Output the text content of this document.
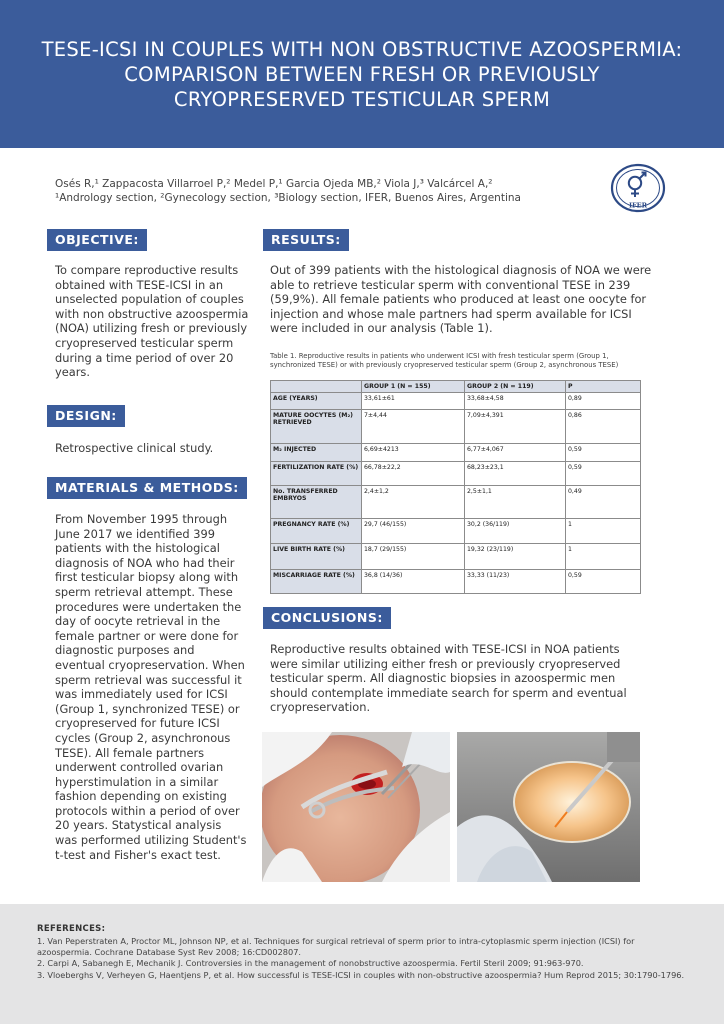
TESE-ICSI IN COUPLES WITH NON OBSTRUCTIVE AZOOSPERMIA: COMPARISON BETWEEN FRESH OR PREVIOUSLY CRYOPRESERVED TESTICULAR SPERM
Osés R,¹ Zappacosta Villarroel P,² Medel P,¹ Garcia Ojeda MB,² Viola J,³ Valcárcel A,²
¹Andrology section, ²Gynecology section, ³Biology section, IFER, Buenos Aires, Argentina
IFER
OBJECTIVE:
To compare reproductive results obtained with TESE-ICSI in an unselected population of couples with non obstructive azoospermia (NOA) utilizing fresh or previously cryopreserved testicular sperm during a time period of over 20 years.
DESIGN:
Retrospective clinical study.
MATERIALS & METHODS:
From November 1995 through June 2017 we identified 399 patients with the histological diagnosis of NOA who had their first testicular biopsy along with sperm retrieval attempt. These procedures were undertaken the day of oocyte retrieval in the female partner or were done for diagnostic purposes and eventual cryopreservation. When sperm retrieval was successful it was immediately used for ICSI (Group 1, synchronized TESE) or cryopreserved for future ICSI cycles (Group 2, asynchronous TESE). All female partners underwent controlled ovarian hyperstimulation in a similar fashion depending on existing protocols within a period of over 20 years. Statystical analysis was performed utilizing Student's t-test and Fisher's exact test.
RESULTS:
Out of 399 patients with the histological diagnosis of NOA we were able to retrieve testicular sperm with conventional TESE in 239 (59,9%). All female patients who produced at least one oocyte for injection and whose male partners had sperm available for ICSI were included in our analysis (Table 1).
Table 1. Reproductive results in patients who underwent ICSI with fresh testicular sperm (Group 1, synchronized TESE) or with previously cryopreserved testicular sperm (Group 2, asynchronous TESE)
	GROUP 1 (N = 155)	GROUP 2 (N = 119)	P
AGE (YEARS)	33,61±61	33,68±4,58	0,89
MATURE OOCYTES (M₂) RETRIEVED	7±4,44	7,09±4,391	0,86
M₂ INJECTED	6,69±4213	6,77±4,067	0,59
FERTILIZATION RATE (%)	66,78±22,2	68,23±23,1	0,59
No. TRANSFERRED EMBRYOS	2,4±1,2	2,5±1,1	0,49
PREGNANCY RATE (%)	29,7 (46/155)	30,2 (36/119)	1
LIVE BIRTH RATE (%)	18,7 (29/155)	19,32 (23/119)	1
MISCARRIAGE RATE (%)	36,8 (14/36)	33,33 (11/23)	0,59
CONCLUSIONS:
Reproductive results obtained with TESE-ICSI in NOA patients were similar utilizing either fresh or previously cryopreserved testicular sperm. All diagnostic biopsies in azoospermic men should contemplate immediate search for sperm and eventual cryopreservation.
REFERENCES:
1. Van Peperstraten A, Proctor ML, Johnson NP, et al. Techniques for surgical retrieval of sperm prior to intra-cytoplasmic sperm injection (ICSI) for azoospermia. Cochrane Database Syst Rev 2008; 16:CD002807.
2. Carpi A, Sabanegh E, Mechanik J. Controversies in the management of nonobstructive azoospermia. Fertil Steril 2009; 91:963-970.
3. Vloeberghs V, Verheyen G, Haentjens P, et al. How successful is TESE-ICSI in couples with non-obstructive azoospermia? Hum Reprod 2015; 30:1790-1796.
